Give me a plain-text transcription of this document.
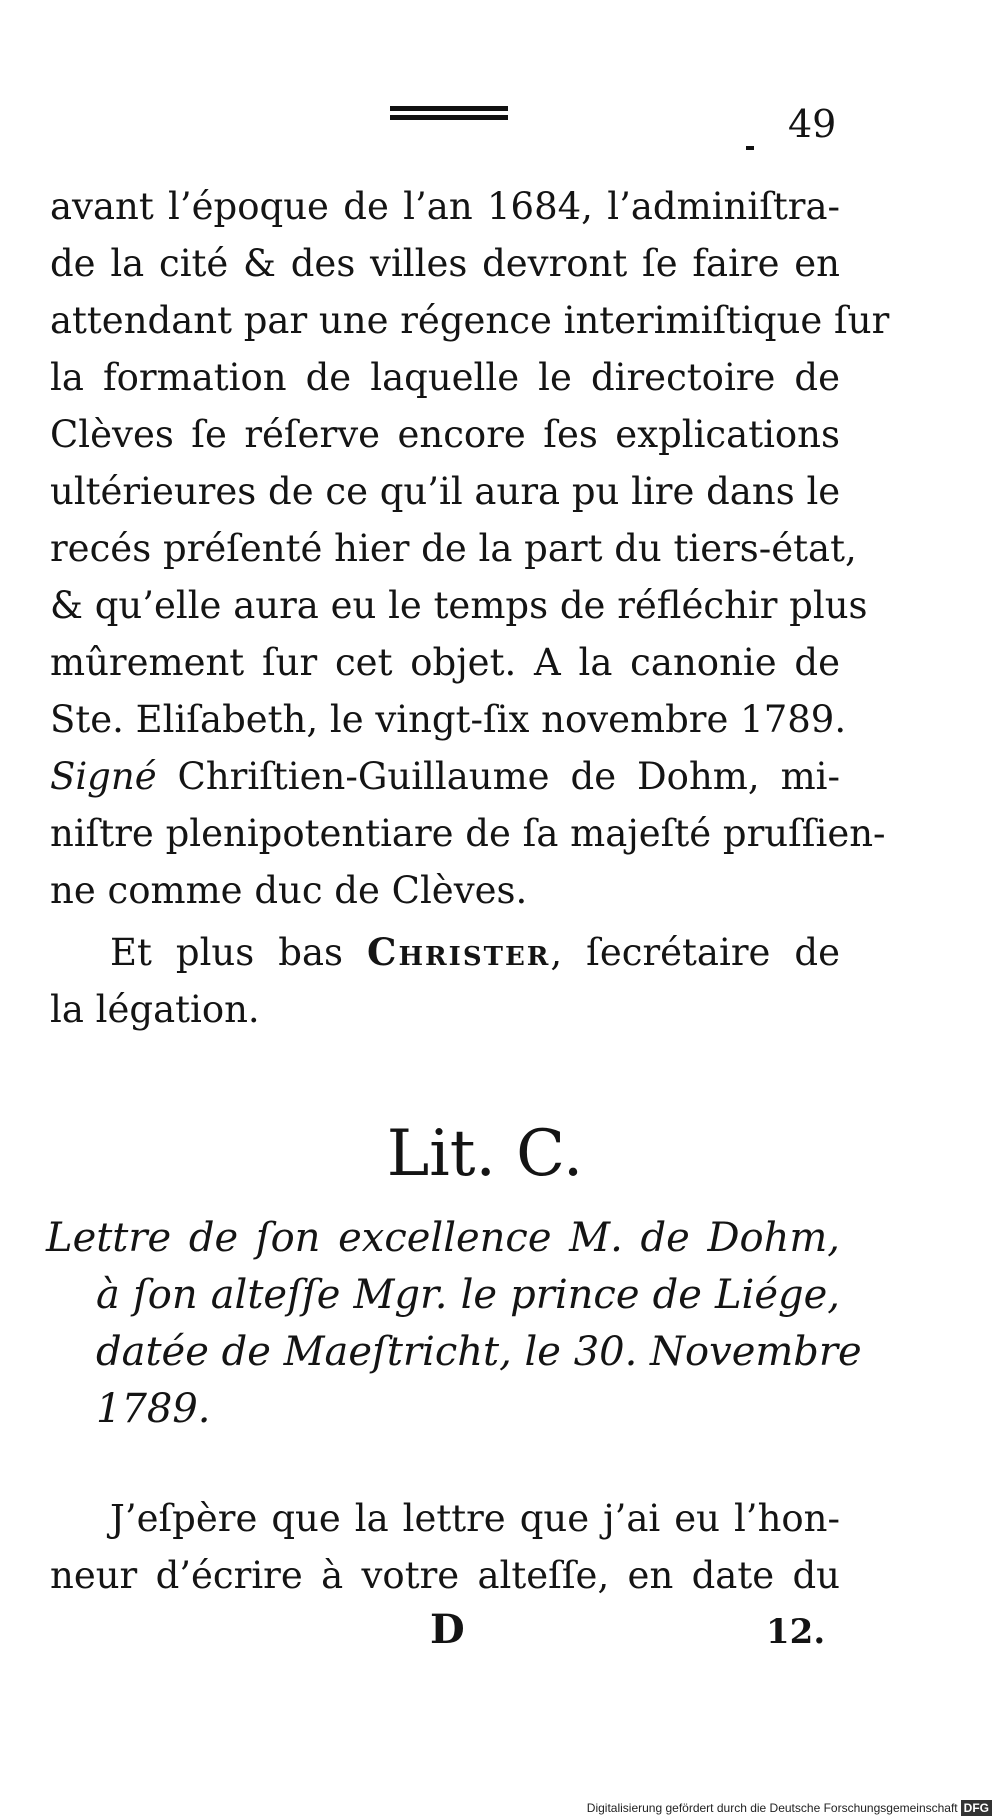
49
avant l’époque de l’an 1684, l’adminiſtra-
de la cité & des villes devront ſe faire en
attendant par une régence interimiſtique ſur
la formation de laquelle le directoire de
Clèves ſe réſerve encore ſes explications
ultérieures de ce qu’il aura pu lire dans le
recés préſenté hier de la part du tiers-état,
& qu’elle aura eu le temps de réfléchir plus
mûrement ſur cet objet. A la canonie de
Ste. Eliſabeth, le vingt-ſix novembre 1789.
Signé Chriſtien-Guillaume de Dohm, mi-
niſtre plenipotentiare de ſa majeſté pruſſien-
ne comme duc de Clèves.
Et plus bas Christer, ſecrétaire de
la légation.
Lit. C.
Lettre de ſon excellence M. de Dohm,
à ſon alteſſe Mgr. le prince de Liége,
datée de Maeſtricht, le 30. Novembre
1789.
J’eſpère que la lettre que j’ai eu l’hon-
neur d’écrire à votre alteſſe, en date du
D	12.
Digitalisierung gefördert durch die Deutsche Forschungsgemeinschaft DFG
